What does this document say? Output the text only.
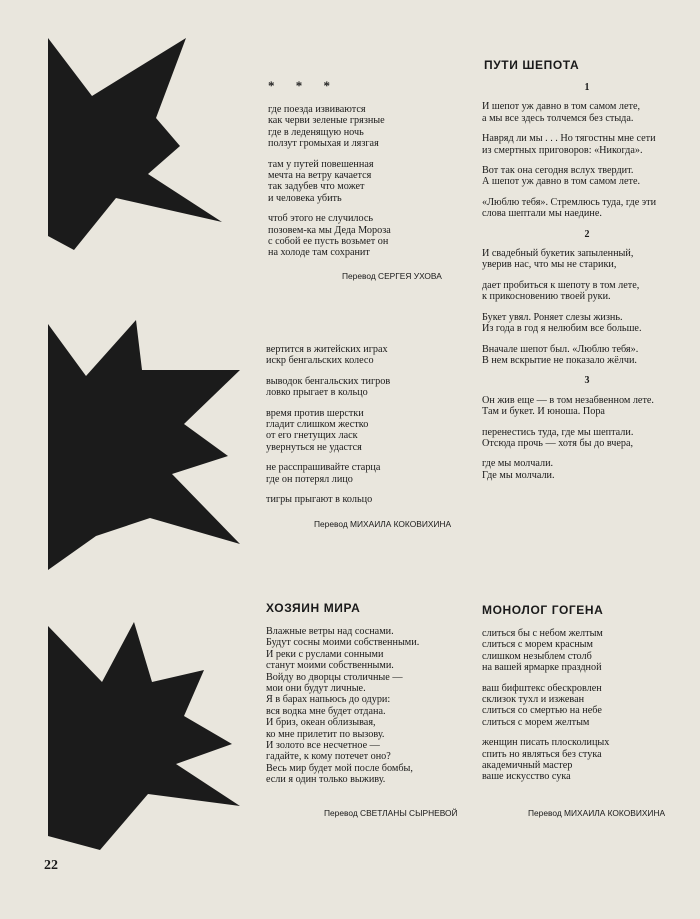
* * *
где поезда извиваются
как черви зеленые грязные
где в леденящую ночь
ползут громыхая и лязгая
там у путей повешенная
мечта на ветру качается
так задубев что может
и человека убить
чтоб этого не случилось
позовем-ка мы Деда Мороза
с собой ее пусть возьмет он
на холоде там сохранит
Перевод СЕРГЕЯ УХОВА
вертится в житейских играх
искр бенгальских колесо
выводок бенгальских тигров
ловко прыгает в кольцо
время против шерстки
гладит слишком жестко
от его гнетущих ласк
увернуться не удастся
не расспрашивайте старца
где он потерял лицо
тигры прыгают в кольцо
Перевод МИХАИЛА КОКОВИХИНА
ХОЗЯИН МИРА
Влажные ветры над соснами.
Будут сосны моими собственными.
И реки с руслами сонными
станут моими собственными.
Войду во дворцы столичные —
мои они будут личные.
Я в барах напьюсь до одури:
вся водка мне будет отдана.
И бриз, океан облизывая,
ко мне прилетит по вызову.
И золото все несчетное —
гадайте, к кому потечет оно?
Весь мир будет мой после бомбы,
если я один только выживу.
Перевод СВЕТЛАНЫ СЫРНЕВОЙ
ПУТИ ШЕПОТА
1
И шепот уж давно в том самом лете,
а мы все здесь толчемся без стыда.
Навряд ли мы . . . Но тягостны мне сети
из смертных приговоров: «Никогда».
Вот так она сегодня вслух твердит.
А шепот уж давно в том самом лете.
«Люблю тебя». Стремлюсь туда, где эти
слова шептали мы наедине.
2
И свадебный букетик запыленный,
уверив нас, что мы не старики,
дает пробиться к шепоту в том лете,
к прикосновению твоей руки.
Букет увял. Роняет слезы жизнь.
Из года в год я нелюбим все больше.
Вначале шепот был. «Люблю тебя».
В нем вскрытие не показало жёлчи.
3
Он жив еще — в том незабвенном лете.
Там и букет. И юноша. Пора
перенестись туда, где мы шептали.
Отсюда прочь — хотя бы до вчера,
где мы молчали.
Где мы молчали.
МОНОЛОГ ГОГЕНА
слиться бы с небом желтым
слиться с морем красным
слишком незыблем столб
на вашей ярмарке праздной
ваш бифштекс обескровлен
склизок тухл и изжеван
слиться со смертью на небе
слиться с морем желтым
женщин писать плосколицых
спить но являться без стука
академичный мастер
ваше искусство сука
Перевод МИХАИЛА КОКОВИХИНА
22
